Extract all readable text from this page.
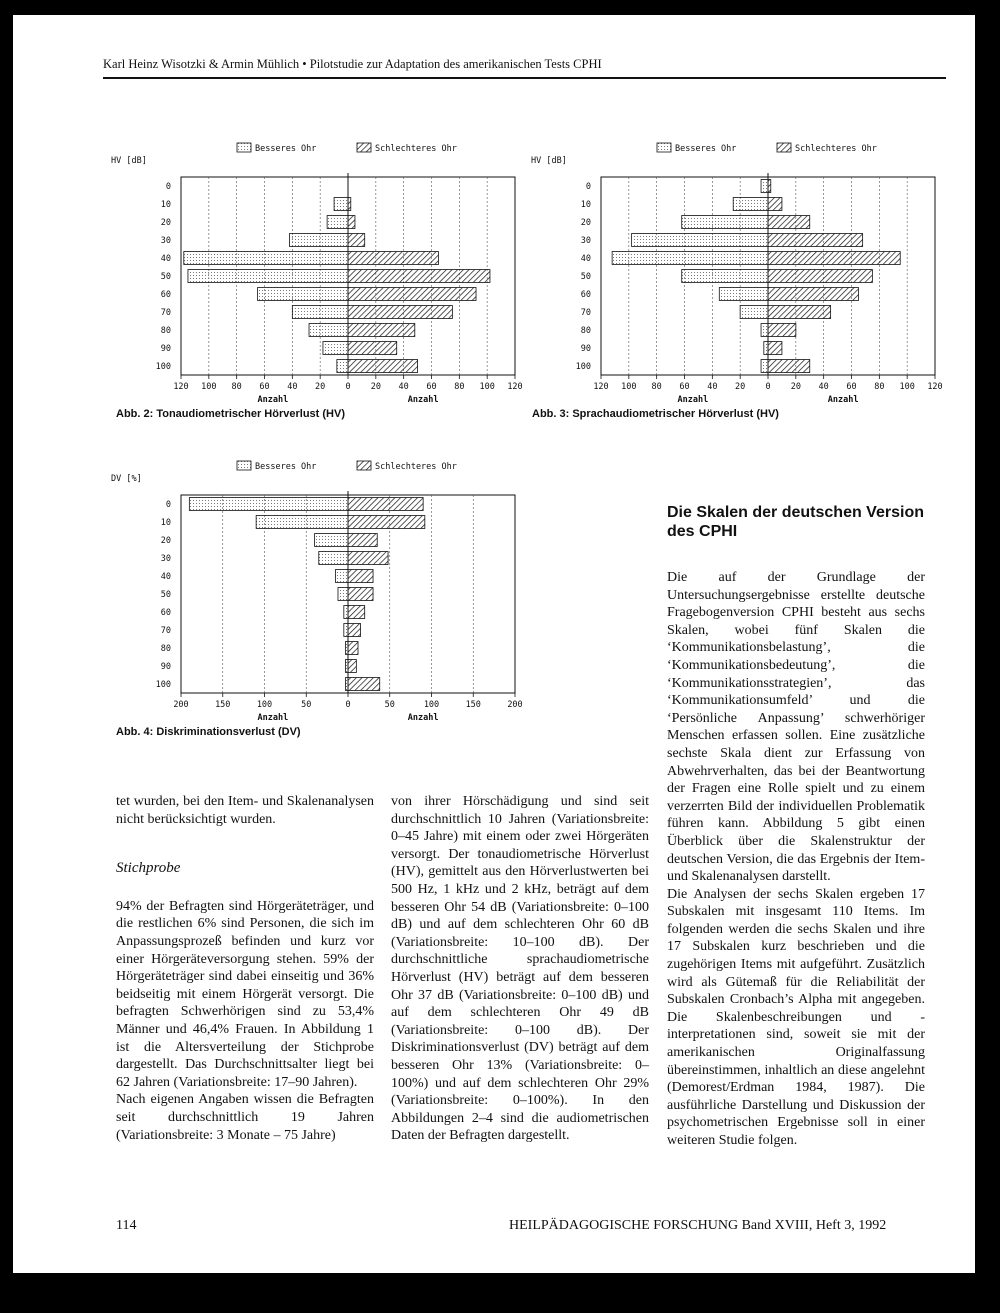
Karl Heinz Wisotzki & Armin Mühlich • Pilotstudie zur Adaptation des amerikanischen Tests CPHI
HV [dB]
Besseres Ohr	Schlechteres Ohr
120 100 80 60 40 20 0 20 40 60 80 100 120
0
10
20
30
40
50
60
70
80
90
100
Anzahl	Anzahl
Abb. 2: Tonaudiometrischer Hörverlust (HV)
HV [dB]
Besseres Ohr	Schlechteres Ohr
120 100 80 60 40 20 0 20 40 60 80 100 120
0
10
20
30
40
50
60
70
80
90
100
Anzahl	Anzahl
Abb. 3: Sprachaudiometrischer Hörverlust (HV)
DV [%]
Besseres Ohr	Schlechteres Ohr
200	150	100	50	0	50	100	150	200
0
10
20
30
40
50
60
70
80
90
100
Anzahl	Anzahl
Abb. 4: Diskriminationsverlust (DV)

tet wurden, bei den Item- und Skalenanalysen nicht berücksichtigt wurden.

Stichprobe

94% der Befragten sind Hörgeräteträger, und die restlichen 6% sind Personen, die sich im Anpassungsprozeß befinden und kurz vor einer Hörgeräteversorgung stehen. 59% der Hörgeräteträger sind dabei einseitig und 36% beidseitig mit einem Hörgerät versorgt. Die befragten Schwerhörigen sind zu 53,4% Männer und 46,4% Frauen. In Abbildung 1 ist die Altersverteilung der Stichprobe dargestellt. Das Durchschnittsalter liegt bei 62 Jahren (Variationsbreite: 17–90 Jahren).

Nach eigenen Angaben wissen die Befragten seit durchschnittlich 19 Jahren (Variationsbreite: 3 Monate – 75 Jahre)

von ihrer Hörschädigung und sind seit durchschnittlich 10 Jahren (Variationsbreite: 0–45 Jahre) mit einem oder zwei Hörgeräten versorgt. Der tonaudiometrische Hörverlust (HV), gemittelt aus den Hörverlustwerten bei 500 Hz, 1 kHz und 2 kHz, beträgt auf dem besseren Ohr 54 dB (Variationsbreite: 0–100 dB) und auf dem schlechteren Ohr 60 dB (Variationsbreite: 10–100 dB). Der durchschnittliche sprachaudiometrische Hörverlust (HV) beträgt auf dem besseren Ohr 37 dB (Variationsbreite: 0–100 dB) und auf dem schlechteren Ohr 49 dB (Variationsbreite: 0–100 dB). Der Diskriminationsverlust (DV) beträgt auf dem besseren Ohr 13% (Variationsbreite: 0–100%) und auf dem schlechteren Ohr 29% (Variationsbreite: 0–100%). In den Abbildungen 2–4 sind die audiometrischen Daten der Befragten dargestellt.

Die Skalen der deutschen Version des CPHI

Die auf der Grundlage der Untersuchungsergebnisse erstellte deutsche Fragebogenversion CPHI besteht aus sechs Skalen, wobei fünf Skalen die ‘Kommunikationsbelastung’, die ‘Kommunikationsbedeutung’, die ‘Kommunikationsstrategien’, das ‘Kommunikationsumfeld’ und die ‘Persönliche Anpassung’ schwerhöriger Menschen erfassen sollen. Eine zusätzliche sechste Skala dient zur Erfassung von Abwehrverhalten, das bei der Beantwortung der Fragen eine Rolle spielt und zu einem verzerrten Bild der individuellen Problematik führen kann. Abbildung 5 gibt einen Überblick über die Skalenstruktur der deutschen Version, die das Ergebnis der Item- und Skalenanalysen darstellt.

Die Analysen der sechs Skalen ergeben 17 Subskalen mit insgesamt 110 Items. Im folgenden werden die sechs Skalen und ihre 17 Subskalen kurz beschrieben und die zugehörigen Items mit aufgeführt. Zusätzlich wird als Gütemaß für die Reliabilität der Subskalen Cronbach’s Alpha mit angegeben. Die Skalenbeschreibungen und -interpretationen sind, soweit sie mit der amerikanischen Originalfassung übereinstimmen, inhaltlich an diese angelehnt (Demorest/Erdman 1984, 1987). Die ausführliche Darstellung und Diskussion der psychometrischen Ergebnisse soll in einer weiteren Studie folgen.

114	HEILPÄDAGOGISCHE FORSCHUNG Band XVIII, Heft 3, 1992
